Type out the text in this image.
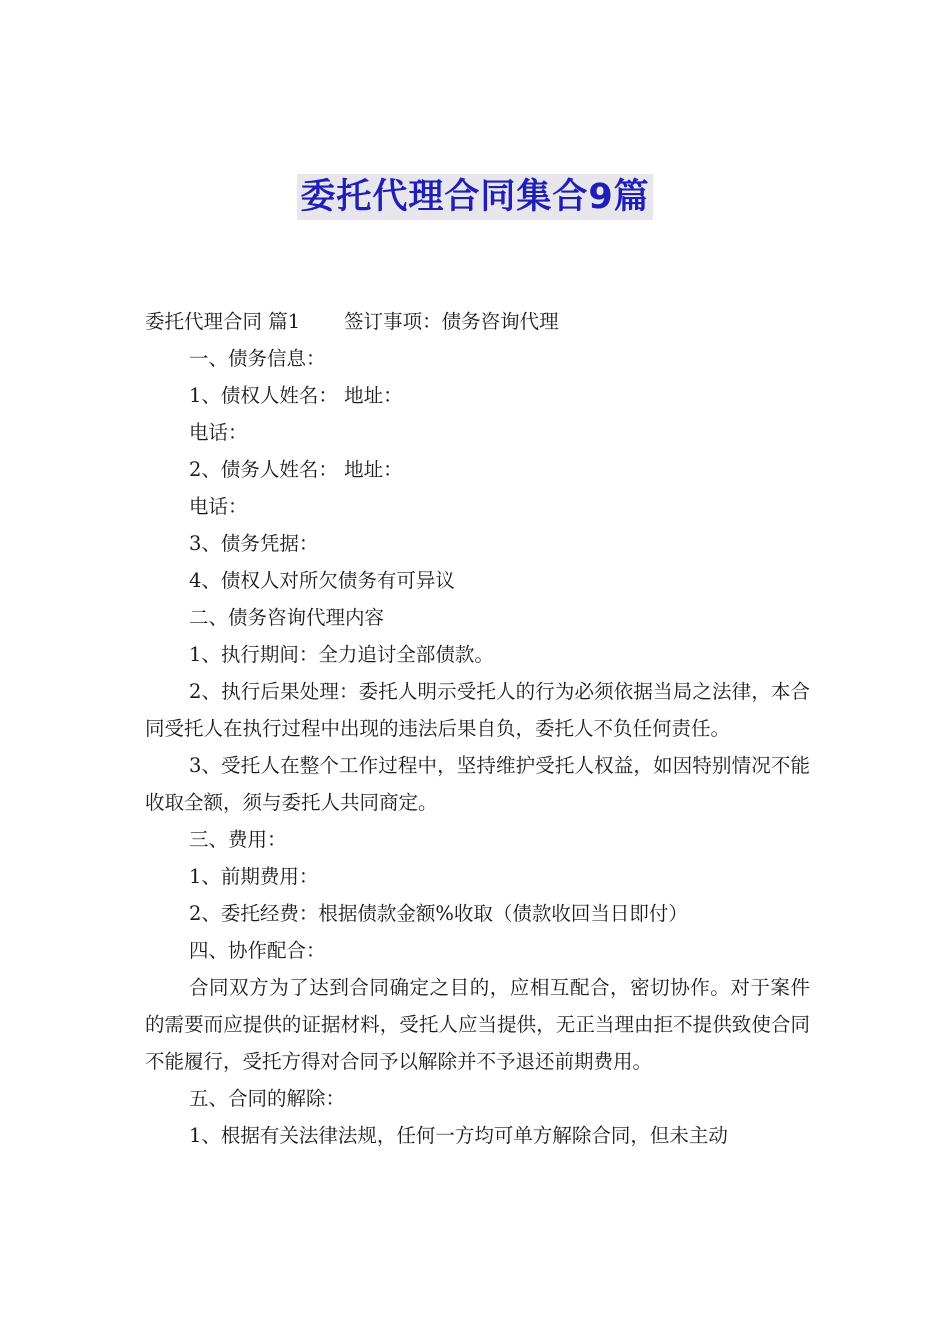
委托代理合同集合9篇

委托代理合同 篇1 签订事项：债务咨询代理

一、债务信息：

1、债权人姓名： 地址：

电话：

2、债务人姓名： 地址：

电话：

3、债务凭据：

4、债权人对所欠债务有可异议

二、债务咨询代理内容

1、执行期间：全力追讨全部债款。

2、执行后果处理：委托人明示受托人的行为必须依据当局之法律，本合同受托人在执行过程中出现的违法后果自负，委托人不负任何责任。

3、受托人在整个工作过程中，坚持维护受托人权益，如因特别情况不能收取全额，须与委托人共同商定。

三、费用：

1、前期费用：

2、委托经费：根据债款金额%收取（债款收回当日即付）

四、协作配合：

合同双方为了达到合同确定之目的，应相互配合，密切协作。对于案件的需要而应提供的证据材料，受托人应当提供，无正当理由拒不提供致使合同不能履行，受托方得对合同予以解除并不予退还前期费用。

五、合同的解除：

1、根据有关法律法规，任何一方均可单方解除合同，但未主动
